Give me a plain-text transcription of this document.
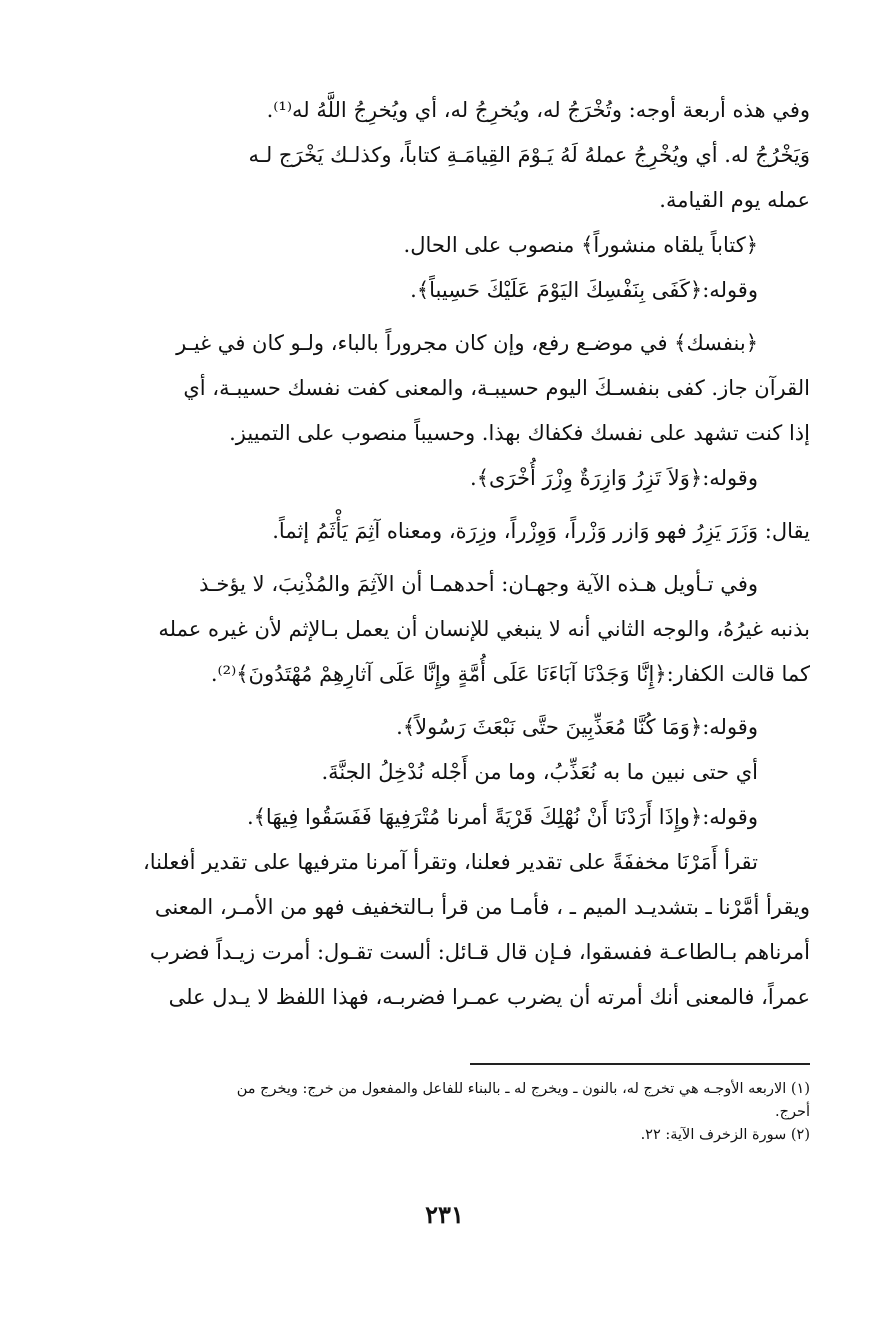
وفي هذه أربعة أوجه: وتُخْرَجُ له، ويُخرِجُ له، أي ويُخرِجُ اللَّهُ له⁽¹⁾.
وَيَخْرُجُ له. أي ويُخْرِجُ عملهُ لَهُ يَـوْمَ القِيامَـةِ كتاباً، وكذلـك يَخْرَج لـه
عمله يوم القيامة.
﴿كتاباً يلقاه منشوراً﴾ منصوب على الحال.
وقوله:﴿كَفَى بِنَفْسِكَ اليَوْمَ عَلَيْكَ حَسِيباً﴾.
﴿بنفسك﴾ في موضـع رفع، وإن كان مجروراً بالباء، ولـو كان في غيـر
القرآن جاز. كفى بنفسـكَ اليوم حسيبـة، والمعنى كفت نفسك حسيبـة، أي
إذا كنت تشهد على نفسك فكفاك بهذا. وحسيباً منصوب على التمييز.
وقوله:﴿وَلاَ تَزِرُ وَازِرَةٌ وِزْرَ أُخْرَى﴾.
يقال: وَزَرَ يَزِرُ فهو وَازر وَزْراً، وَوِزْراً، وزِرَة، ومعناه آثِمَ يَأْثَمُ إثماً.
وفي تـأويل هـذه الآية وجهـان: أحدهمـا أن الآثِمَ والمُذْنِبَ، لا يؤخـذ
بذنبه غيرُهُ، والوجه الثاني أنه لا ينبغي للإنسان أن يعمل بـالإثم لأن غيره عمله
كما قالت الكفار:﴿إِنَّا وَجَدْنَا آبَاءَنَا عَلَى أُمَّةٍ وإِنَّا عَلَى آثارِهِمْ مُهْتَدُونَ﴾⁽²⁾.
وقوله:﴿وَمَا كُنَّا مُعَذِّبِينَ حتَّى نَبْعَثَ رَسُولاً﴾.
أي حتى نبين ما به نُعَذِّبُ، وما من أَجْله نُدْخِلُ الجنَّةَ.
وقوله:﴿وإِذَا أَرَدْنَا أَنْ نُهْلِكَ قَرْيَةً أمرنا مُتْرَفِيهَا فَفَسَقُوا فِيهَا﴾.
تقرأ أَمَرْنَا مخففَةً على تقدير فعلنا، وتقرأ آمرنا مترفيها على تقدير أفعلنا،
ويقرأ أمَّرْنا ـ بتشديـد الميم ـ ، فأمـا من قرأ بـالتخفيف فهو من الأمـر، المعنى
أمرناهم بـالطاعـة ففسقوا، فـإن قال قـائل: ألست تقـول: أمرت زيـداً فضرب
عمراً، فالمعنى أنك أمرته أن يضرب عمـرا فضربـه، فهذا اللفظ لا يـدل على
(١) الاربعه الأوجـه هي تخرج له، بالنون ـ ويخرج له ـ بالبناء للفاعل والمفعول من خرج: ويخرج من
أحرج.
(٢) سورة الزخرف الآية: ٢٢.
٢٣١
